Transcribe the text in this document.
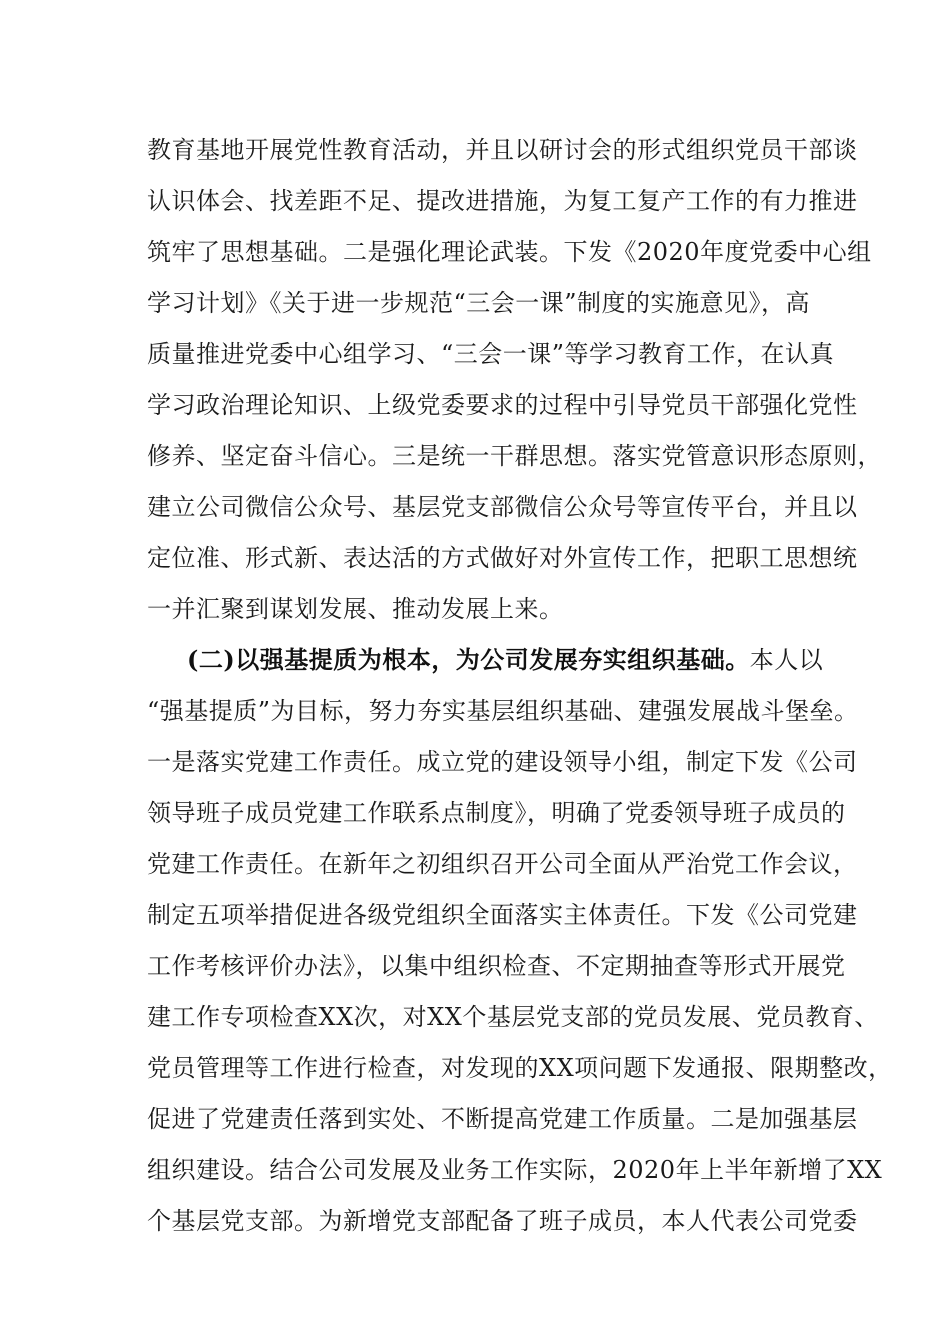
教育基地开展党性教育活动，并且以研讨会的形式组织党员干部谈
认识体会、找差距不足、提改进措施，为复工复产工作的有力推进
筑牢了思想基础。二是强化理论武装。下发《2020年度党委中心组
学习计划》《关于进一步规范“三会一课”制度的实施意见》，高
质量推进党委中心组学习、“三会一课”等学习教育工作，在认真
学习政治理论知识、上级党委要求的过程中引导党员干部强化党性
修养、坚定奋斗信心。三是统一干群思想。落实党管意识形态原则，
建立公司微信公众号、基层党支部微信公众号等宣传平台，并且以
定位准、形式新、表达活的方式做好对外宣传工作，把职工思想统
一并汇聚到谋划发展、推动发展上来。
(二)以强基提质为根本，为公司发展夯实组织基础。本人以
“强基提质”为目标，努力夯实基层组织基础、建强发展战斗堡垒。
一是落实党建工作责任。成立党的建设领导小组，制定下发《公司
领导班子成员党建工作联系点制度》，明确了党委领导班子成员的
党建工作责任。在新年之初组织召开公司全面从严治党工作会议，
制定五项举措促进各级党组织全面落实主体责任。下发《公司党建
工作考核评价办法》，以集中组织检查、不定期抽查等形式开展党
建工作专项检查XX次，对XX个基层党支部的党员发展、党员教育、
党员管理等工作进行检查，对发现的XX项问题下发通报、限期整改，
促进了党建责任落到实处、不断提高党建工作质量。二是加强基层
组织建设。结合公司发展及业务工作实际，2020年上半年新增了XX
个基层党支部。为新增党支部配备了班子成员，本人代表公司党委
